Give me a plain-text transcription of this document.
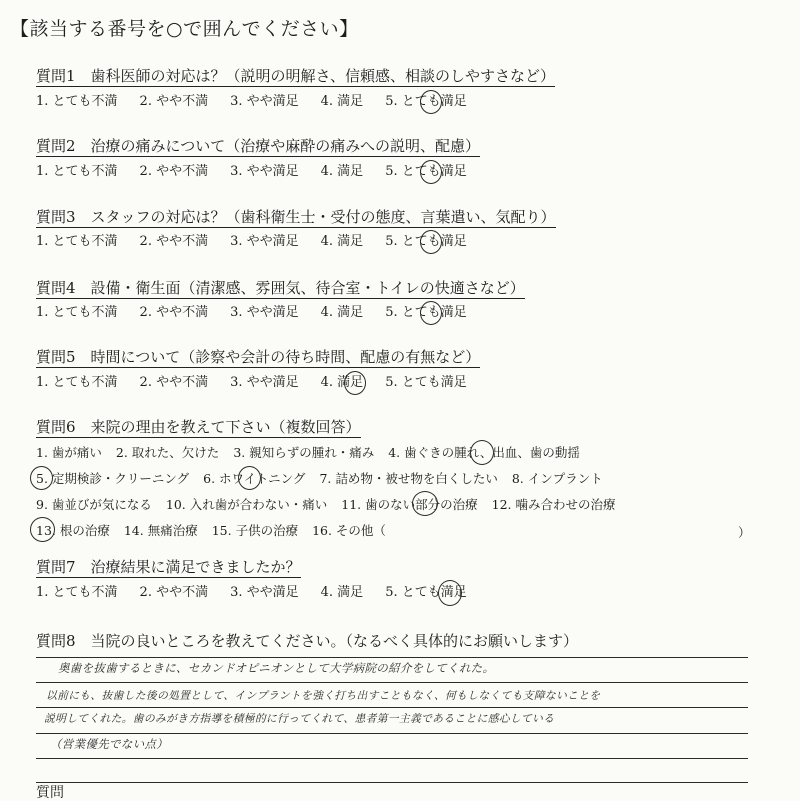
【該当する番号を○で囲んでください】
質問1　歯科医師の対応は？（説明の明解さ、信頼感、相談のしやすさなど）
1. とても不満 2. やや不満 3. やや満足 4. 満足 5. とても満足
質問2　治療の痛みについて（治療や麻酔の痛みへの説明、配慮）
1. とても不満 2. やや不満 3. やや満足 4. 満足 5. とても満足
質問3　スタッフの対応は？（歯科衛生士・受付の態度、言葉遣い、気配り）
1. とても不満 2. やや不満 3. やや満足 4. 満足 5. とても満足
質問4　設備・衛生面（清潔感、雰囲気、待合室・トイレの快適さなど）
1. とても不満 2. やや不満 3. やや満足 4. 満足 5. とても満足
質問5　時間について（診察や会計の待ち時間、配慮の有無など）
1. とても不満 2. やや不満 3. やや満足 4. 満足 5. とても満足
質問6　来院の理由を教えて下さい（複数回答）
1. 歯が痛い 2. 取れた、欠けた 3. 親知らずの腫れ・痛み 4. 歯ぐきの腫れ、出血、歯の動揺
5. 定期検診・クリーニング 6. ホワイトニング 7. 詰め物・被せ物を白くしたい 8. インプラント
9. 歯並びが気になる 10. 入れ歯が合わない・痛い 11. 歯のない部分の治療 12. 噛み合わせの治療
13. 根の治療 14. 無痛治療 15. 子供の治療 16. その他（	）
質問7　治療結果に満足できましたか？
1. とても不満 2. やや不満 3. やや満足 4. 満足 5. とても満足
質問8　当院の良いところを教えてください。（なるべく具体的にお願いします）
奥歯を抜歯するときに、セカンドオピニオンとして大学病院の紹介をしてくれた。
以前にも、抜歯した後の処置として、インプラントを強く打ち出すこともなく、何もしなくても支障ないことを
説明してくれた。歯のみがき方指導を積極的に行ってくれて、患者第一主義であることに感心している
（営業優先でない点）
質問
